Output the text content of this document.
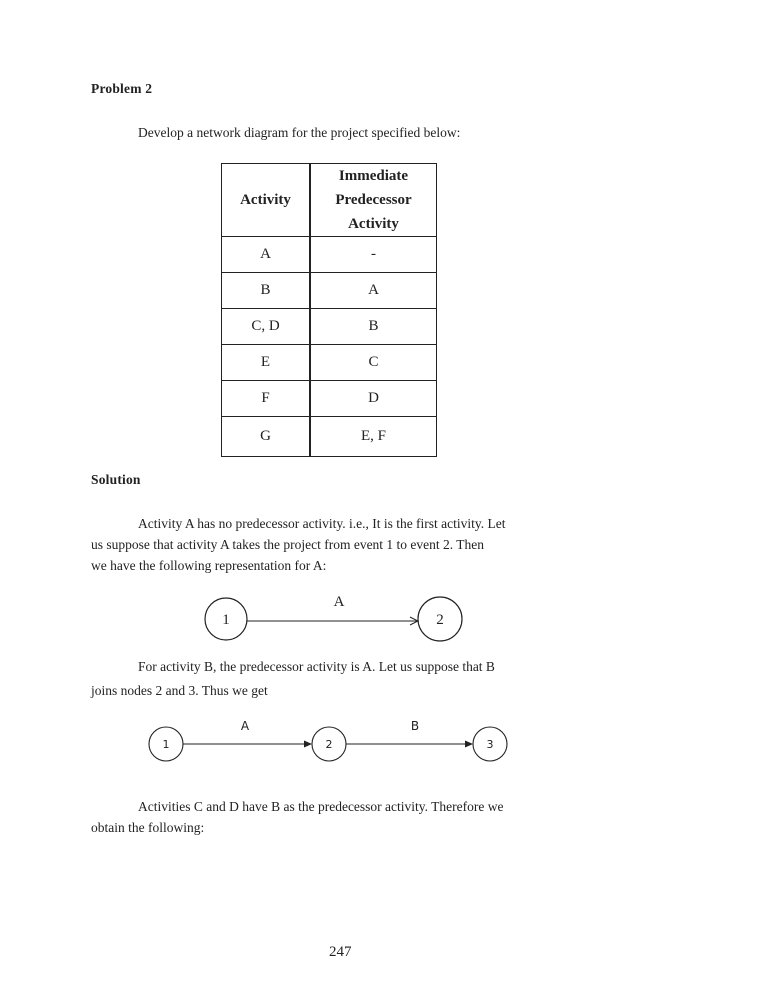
Problem 2
Develop a network diagram for the project specified below:
Activity	Immediate
Predecessor
Activity

A	-
B	A
C, D	B
E	C
F	D
G	E, F
Solution
Activity A has no predecessor activity. i.e., It is the first activity. Let
us suppose that activity A takes the project from event 1 to event 2. Then
we have the following representation for A:
1
A
2
For activity B, the predecessor activity is A. Let us suppose that B
joins nodes 2 and 3. Thus we get
1
A
2
B
3
Activities C and D have B as the predecessor activity. Therefore we
obtain the following:
247
